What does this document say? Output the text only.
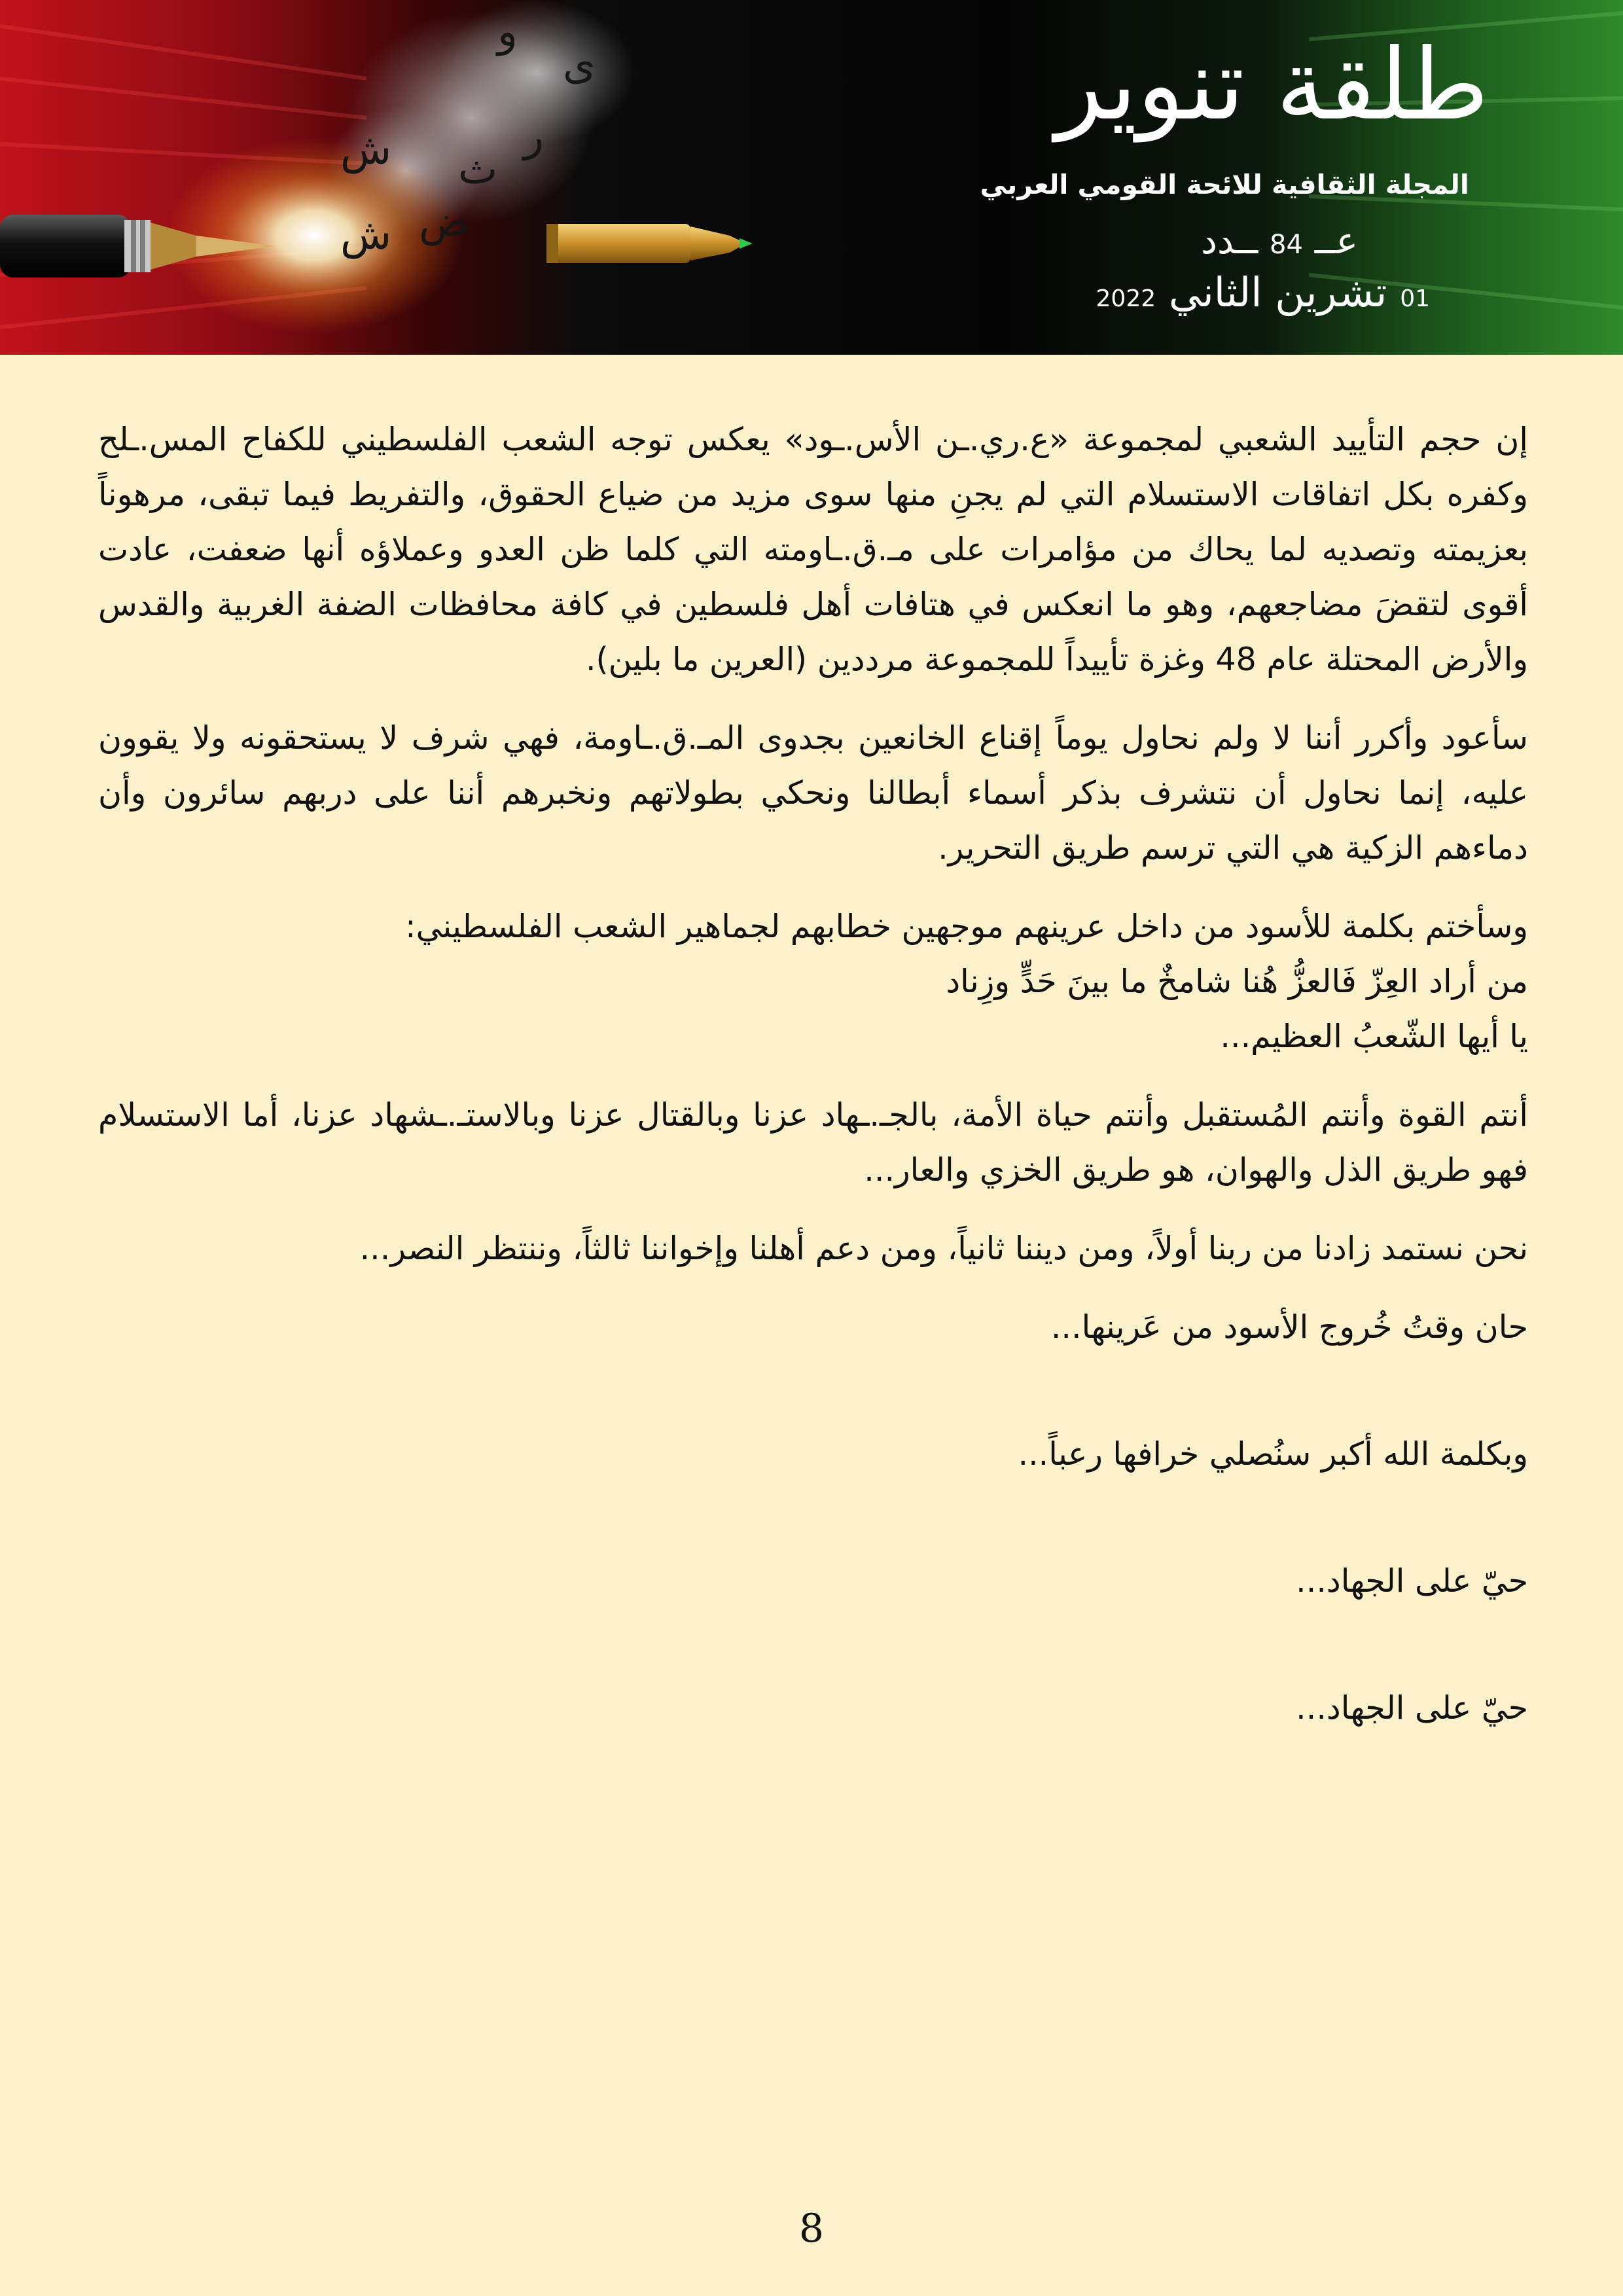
ى
و
ش
ض
ش
ث
ر	طلقة تنوير
المجلة الثقافية للائحة القومي العربي
عــ 84 ــدد
01 تشرين الثاني 2022

إن حجم التأييد الشعبي لمجموعة «ع.ري.ـن الأس.ـود» يعكس توجه الشعب الفلسطيني للكفاح المس.ـلح وكفره بكل اتفاقات الاستسلام التي لم يجنِ منها سوى مزيد من ضياع الحقوق، والتفريط فيما تبقى، مرهوناً بعزيمته وتصديه لما يحاك من مؤامرات على مـ.ق.ـاومته التي كلما ظن العدو وعملاؤه أنها ضعفت، عادت أقوى لتقضَ مضاجعهم، وهو ما انعكس في هتافات أهل فلسطين في كافة محافظات الضفة الغربية والقدس والأرض المحتلة عام 48 وغزة تأييداً للمجموعة مرددين (العرين ما بلين).

سأعود وأكرر أننا لا ولم نحاول يوماً إقناع الخانعين بجدوى المـ.ق.ـاومة، فهي شرف لا يستحقونه ولا يقوون عليه، إنما نحاول أن نتشرف بذكر أسماء أبطالنا ونحكي بطولاتهم ونخبرهم أننا على دربهم سائرون وأن دماءهم الزكية هي التي ترسم طريق التحرير.

وسأختم بكلمة للأسود من داخل عرينهم موجهين خطابهم لجماهير الشعب الفلسطيني:
من أراد العِزّ فَالعزُّ هُنا شامخٌ ما بينَ حَدٍّ وزِناد
يا أيها الشّعبُ العظيم...

أنتم القوة وأنتم المُستقبل وأنتم حياة الأمة، بالجـ.ـهاد عزنا وبالقتال عزنا وبالاستـ.ـشهاد عزنا، أما الاستسلام فهو طريق الذل والهوان، هو طريق الخزي والعار...

نحن نستمد زادنا من ربنا أولاً، ومن ديننا ثانياً، ومن دعم أهلنا وإخواننا ثالثاً، وننتظر النصر...

حان وقتُ خُروج الأسود من عَرينها...

وبكلمة الله أكبر سنُصلي خرافها رعباً...

حيّ على الجهاد...

حيّ على الجهاد...

8
